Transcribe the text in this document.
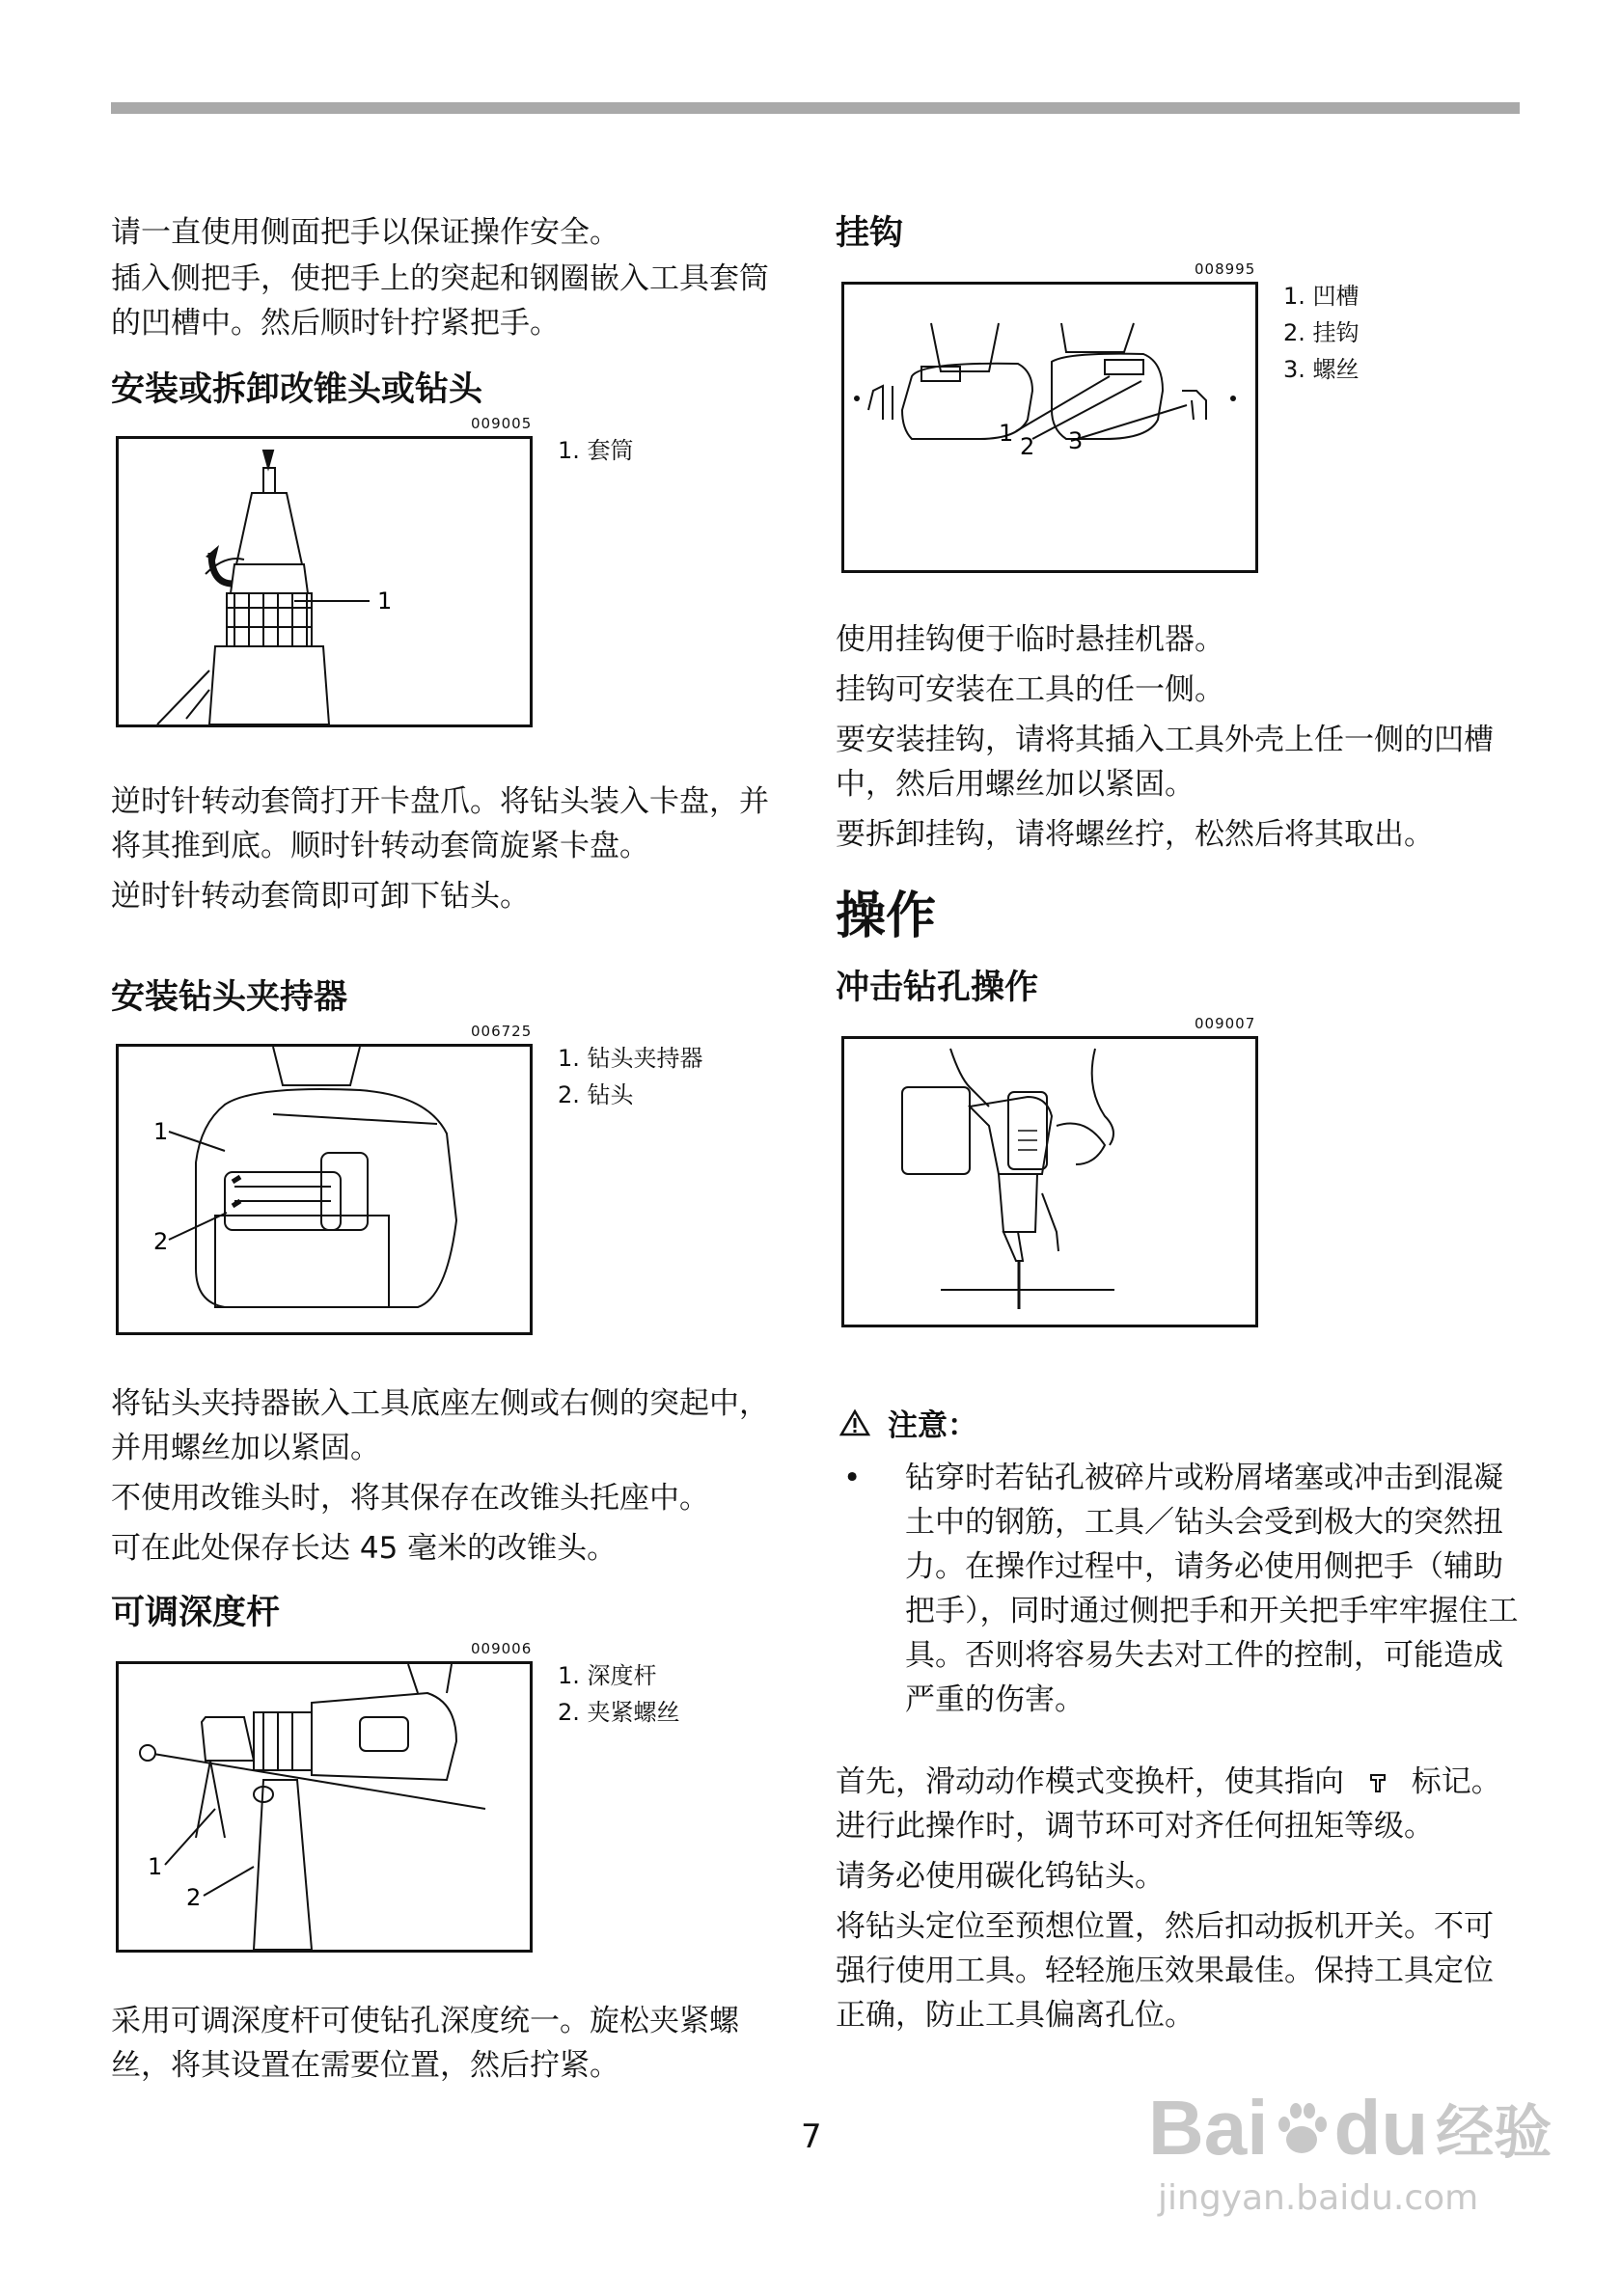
请一直使用侧面把手以保证操作安全。

插入侧把手，使把手上的突起和钢圈嵌入工具套筒的凹槽中。然后顺时针拧紧把手。

安装或拆卸改锥头或钻头
009005
1
1. 套筒

逆时针转动套筒打开卡盘爪。将钻头装入卡盘，并将其推到底。顺时针转动套筒旋紧卡盘。

逆时针转动套筒即可卸下钻头。

安装钻头夹持器
006725
1
2
1. 钻头夹持器
2. 钻头

将钻头夹持器嵌入工具底座左侧或右侧的突起中，并用螺丝加以紧固。

不使用改锥头时，将其保存在改锥头托座中。

可在此处保存长达 45 毫米的改锥头。

可调深度杆
009006
1
2
1. 深度杆
2. 夹紧螺丝

采用可调深度杆可使钻孔深度统一。旋松夹紧螺丝，将其设置在需要位置，然后拧紧。

挂钩
008995
1 2 3
1. 凹槽
2. 挂钩
3. 螺丝

使用挂钩便于临时悬挂机器。

挂钩可安装在工具的任一侧。

要安装挂钩，请将其插入工具外壳上任一侧的凹槽中，然后用螺丝加以紧固。

要拆卸挂钩，请将螺丝拧，松然后将其取出。

操作
冲击钻孔操作
009007
注意：
•	钻穿时若钻孔被碎片或粉屑堵塞或冲击到混凝土中的钢筋，工具／钻头会受到极大的突然扭力。在操作过程中，请务必使用侧把手（辅助把手），同时通过侧把手和开关把手牢牢握住工具。否则将容易失去对工件的控制，可能造成严重的伤害。

首先，滑动动作模式变换杆，使其指向 标记。进行此操作时，调节环可对齐任何扭矩等级。

请务必使用碳化钨钻头。

将钻头定位至预想位置，然后扣动扳机开关。不可强行使用工具。轻轻施压效果最佳。保持工具定位正确，防止工具偏离孔位。

7	Bai du 经验
jingyan.baidu.com
